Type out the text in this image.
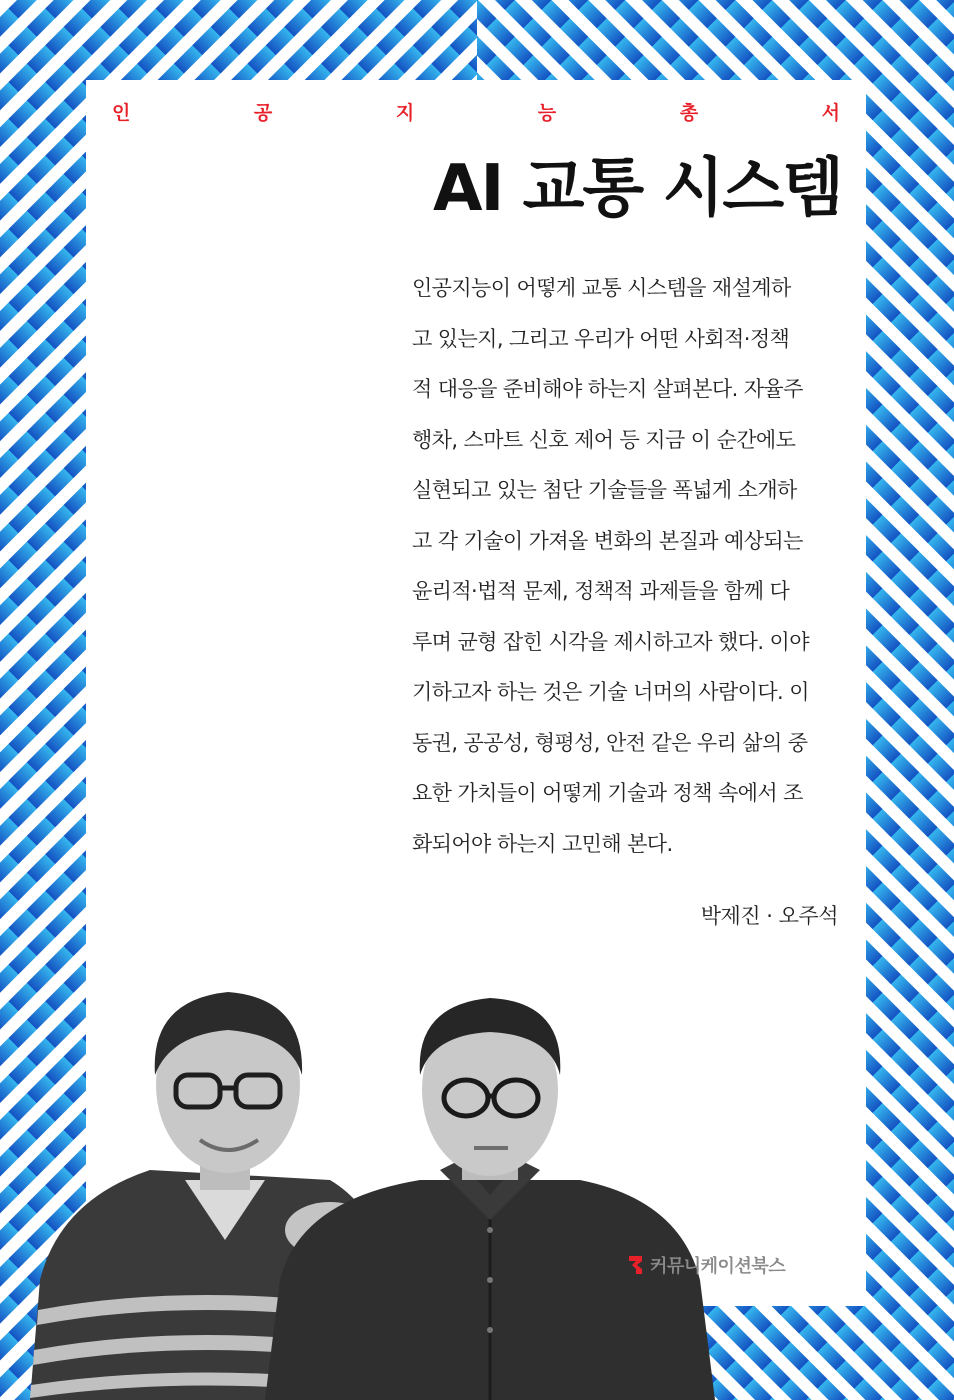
인	공	지	능	총	서
AI 교통 시스템
인공지능이 어떻게 교통 시스템을 재설계하
고 있는지, 그리고 우리가 어떤 사회적·정책
적 대응을 준비해야 하는지 살펴본다. 자율주
행차, 스마트 신호 제어 등 지금 이 순간에도
실현되고 있는 첨단 기술들을 폭넓게 소개하
고 각 기술이 가져올 변화의 본질과 예상되는
윤리적·법적 문제, 정책적 과제들을 함께 다
루며 균형 잡힌 시각을 제시하고자 했다. 이야
기하고자 하는 것은 기술 너머의 사람이다. 이
동권, 공공성, 형평성, 안전 같은 우리 삶의 중
요한 가치들이 어떻게 기술과 정책 속에서 조
화되어야 하는지 고민해 본다.
박제진 · 오주석
커뮤니케이션북스
